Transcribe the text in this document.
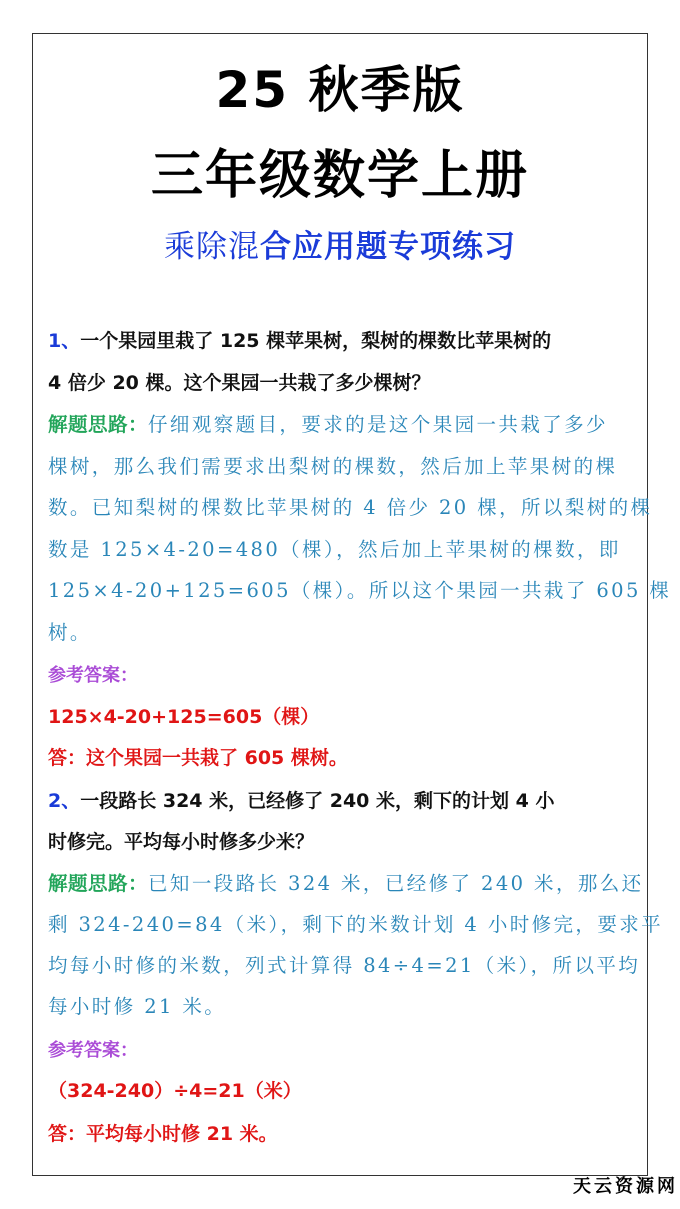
25 秋季版
三年级数学上册
乘除混合应用题专项练习
1、一个果园里栽了 125 棵苹果树，梨树的棵数比苹果树的
4 倍少 20 棵。这个果园一共栽了多少棵树？
解题思路：仔细观察题目，要求的是这个果园一共栽了多少
棵树，那么我们需要求出梨树的棵数，然后加上苹果树的棵
数。已知梨树的棵数比苹果树的 4 倍少 20 棵，所以梨树的棵
数是 125×4-20=480（棵），然后加上苹果树的棵数，即
125×4-20+125=605（棵）。所以这个果园一共栽了 605 棵
树。
参考答案：
125×4-20+125=605（棵）
答：这个果园一共栽了 605 棵树。
2、一段路长 324 米，已经修了 240 米，剩下的计划 4 小
时修完。平均每小时修多少米？
解题思路：已知一段路长 324 米，已经修了 240 米，那么还
剩 324-240=84（米），剩下的米数计划 4 小时修完，要求平
均每小时修的米数，列式计算得 84÷4=21（米），所以平均
每小时修 21 米。
参考答案：
（324-240）÷4=21（米）
答：平均每小时修 21 米。
天云资源网
